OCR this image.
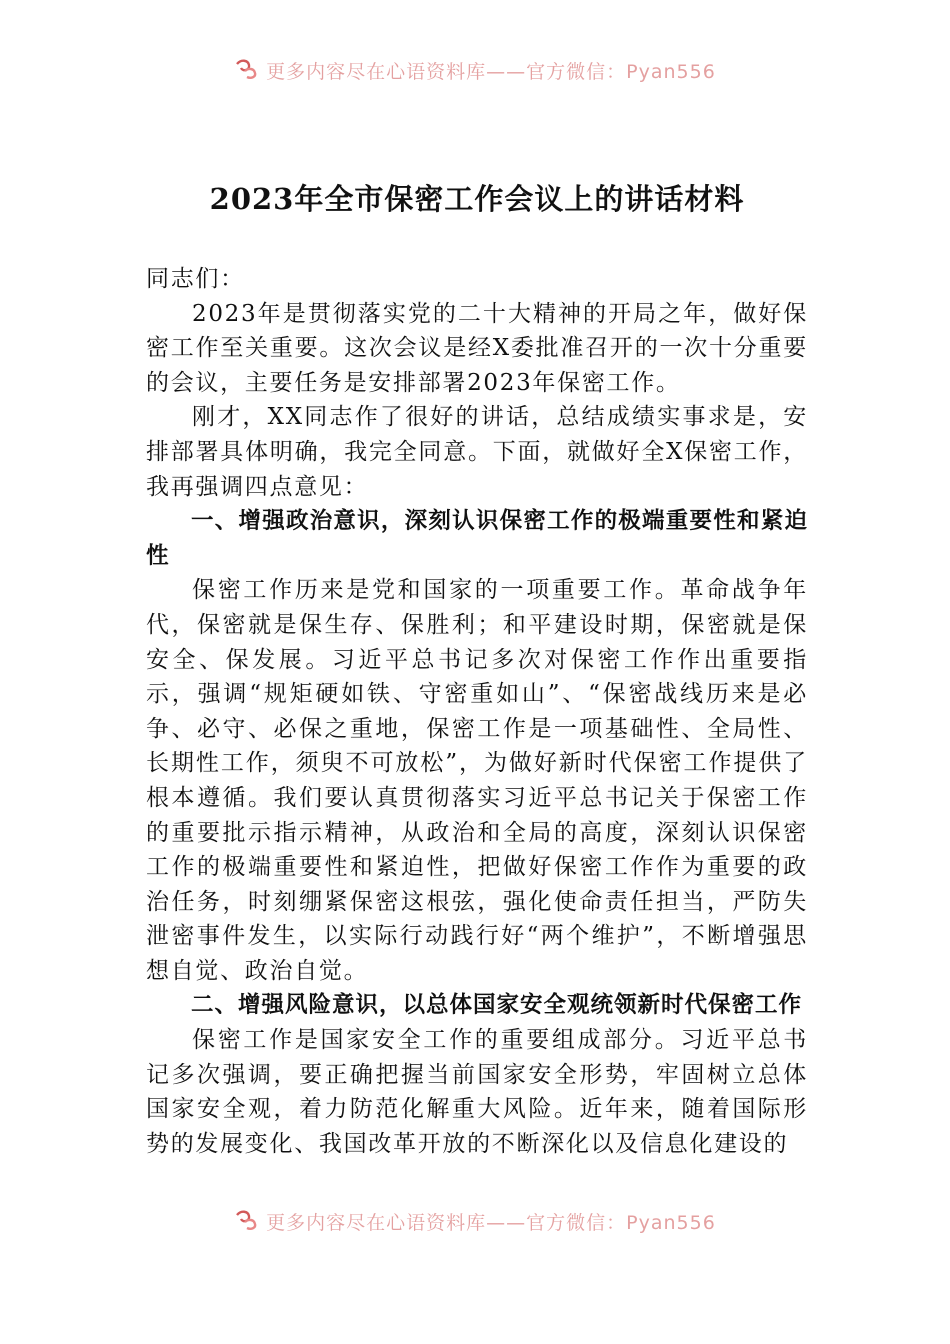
更多内容尽在心语资料库——官方微信：Pyan556
2023年全市保密工作会议上的讲话材料

同志们：

2023年是贯彻落实党的二十大精神的开局之年，做好保密工作至关重要。这次会议是经X委批准召开的一次十分重要的会议，主要任务是安排部署2023年保密工作。

刚才，XX同志作了很好的讲话，总结成绩实事求是，安排部署具体明确，我完全同意。下面，就做好全X保密工作，我再强调四点意见：

一、增强政治意识，深刻认识保密工作的极端重要性和紧迫性

保密工作历来是党和国家的一项重要工作。革命战争年代，保密就是保生存、保胜利；和平建设时期，保密就是保安全、保发展。习近平总书记多次对保密工作作出重要指示，强调“规矩硬如铁、守密重如山”、“保密战线历来是必争、必守、必保之重地，保密工作是一项基础性、全局性、长期性工作，须臾不可放松”，为做好新时代保密工作提供了根本遵循。我们要认真贯彻落实习近平总书记关于保密工作的重要批示指示精神，从政治和全局的高度，深刻认识保密工作的极端重要性和紧迫性，把做好保密工作作为重要的政治任务，时刻绷紧保密这根弦，强化使命责任担当，严防失泄密事件发生，以实际行动践行好“两个维护”，不断增强思想自觉、政治自觉。

二、增强风险意识，以总体国家安全观统领新时代保密工作

保密工作是国家安全工作的重要组成部分。习近平总书记多次强调，要正确把握当前国家安全形势，牢固树立总体国家安全观，着力防范化解重大风险。近年来，随着国际形势的发展变化、我国改革开放的不断深化以及信息化建设的

更多内容尽在心语资料库——官方微信：Pyan556
